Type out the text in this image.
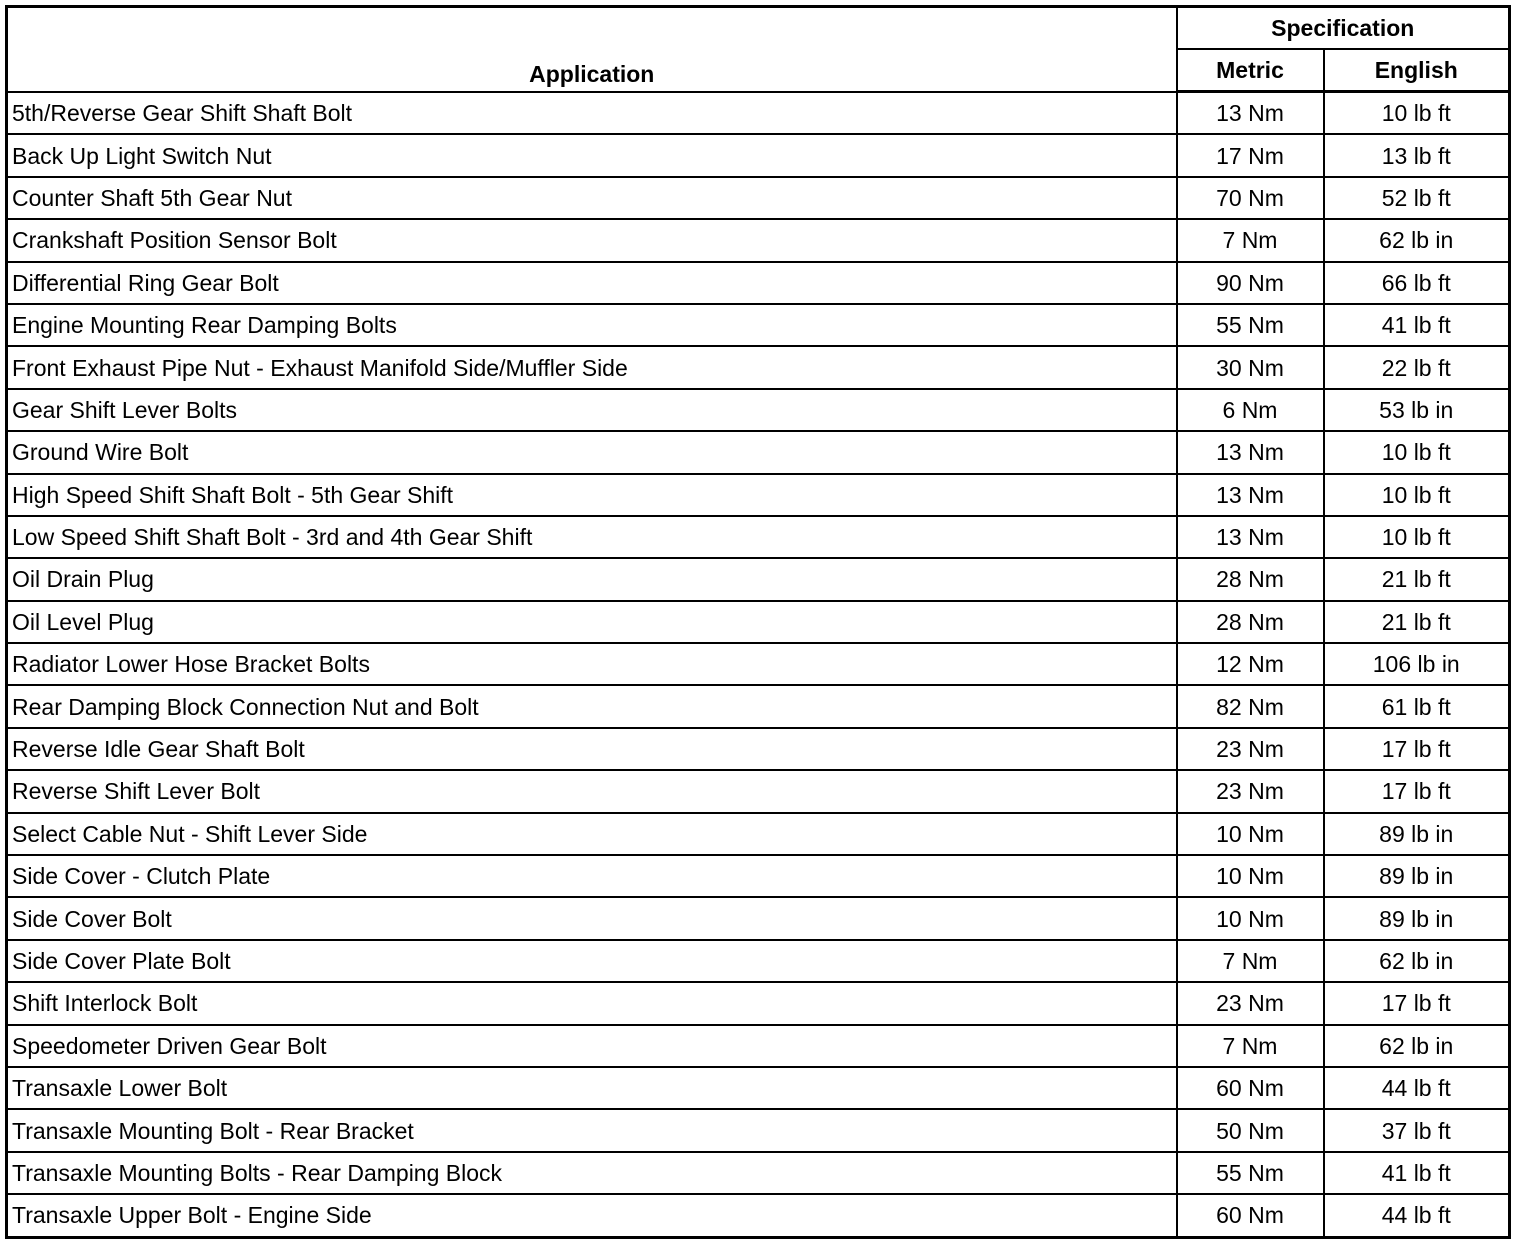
Application	Specification	
	Metric	English
5th/Reverse Gear Shift Shaft Bolt	13 Nm	10 lb ft
Back Up Light Switch Nut	17 Nm	13 lb ft
Counter Shaft 5th Gear Nut	70 Nm	52 lb ft
Crankshaft Position Sensor Bolt	7 Nm	62 lb in
Differential Ring Gear Bolt	90 Nm	66 lb ft
Engine Mounting Rear Damping Bolts	55 Nm	41 lb ft
Front Exhaust Pipe Nut - Exhaust Manifold Side/Muffler Side	30 Nm	22 lb ft
Gear Shift Lever Bolts	6 Nm	53 lb in
Ground Wire Bolt	13 Nm	10 lb ft
High Speed Shift Shaft Bolt - 5th Gear Shift	13 Nm	10 lb ft
Low Speed Shift Shaft Bolt - 3rd and 4th Gear Shift	13 Nm	10 lb ft
Oil Drain Plug	28 Nm	21 lb ft
Oil Level Plug	28 Nm	21 lb ft
Radiator Lower Hose Bracket Bolts	12 Nm	106 lb in
Rear Damping Block Connection Nut and Bolt	82 Nm	61 lb ft
Reverse Idle Gear Shaft Bolt	23 Nm	17 lb ft
Reverse Shift Lever Bolt	23 Nm	17 lb ft
Select Cable Nut - Shift Lever Side	10 Nm	89 lb in
Side Cover - Clutch Plate	10 Nm	89 lb in
Side Cover Bolt	10 Nm	89 lb in
Side Cover Plate Bolt	7 Nm	62 lb in
Shift Interlock Bolt	23 Nm	17 lb ft
Speedometer Driven Gear Bolt	7 Nm	62 lb in
Transaxle Lower Bolt	60 Nm	44 lb ft
Transaxle Mounting Bolt - Rear Bracket	50 Nm	37 lb ft
Transaxle Mounting Bolts - Rear Damping Block	55 Nm	41 lb ft
Transaxle Upper Bolt - Engine Side	60 Nm	44 lb ft
